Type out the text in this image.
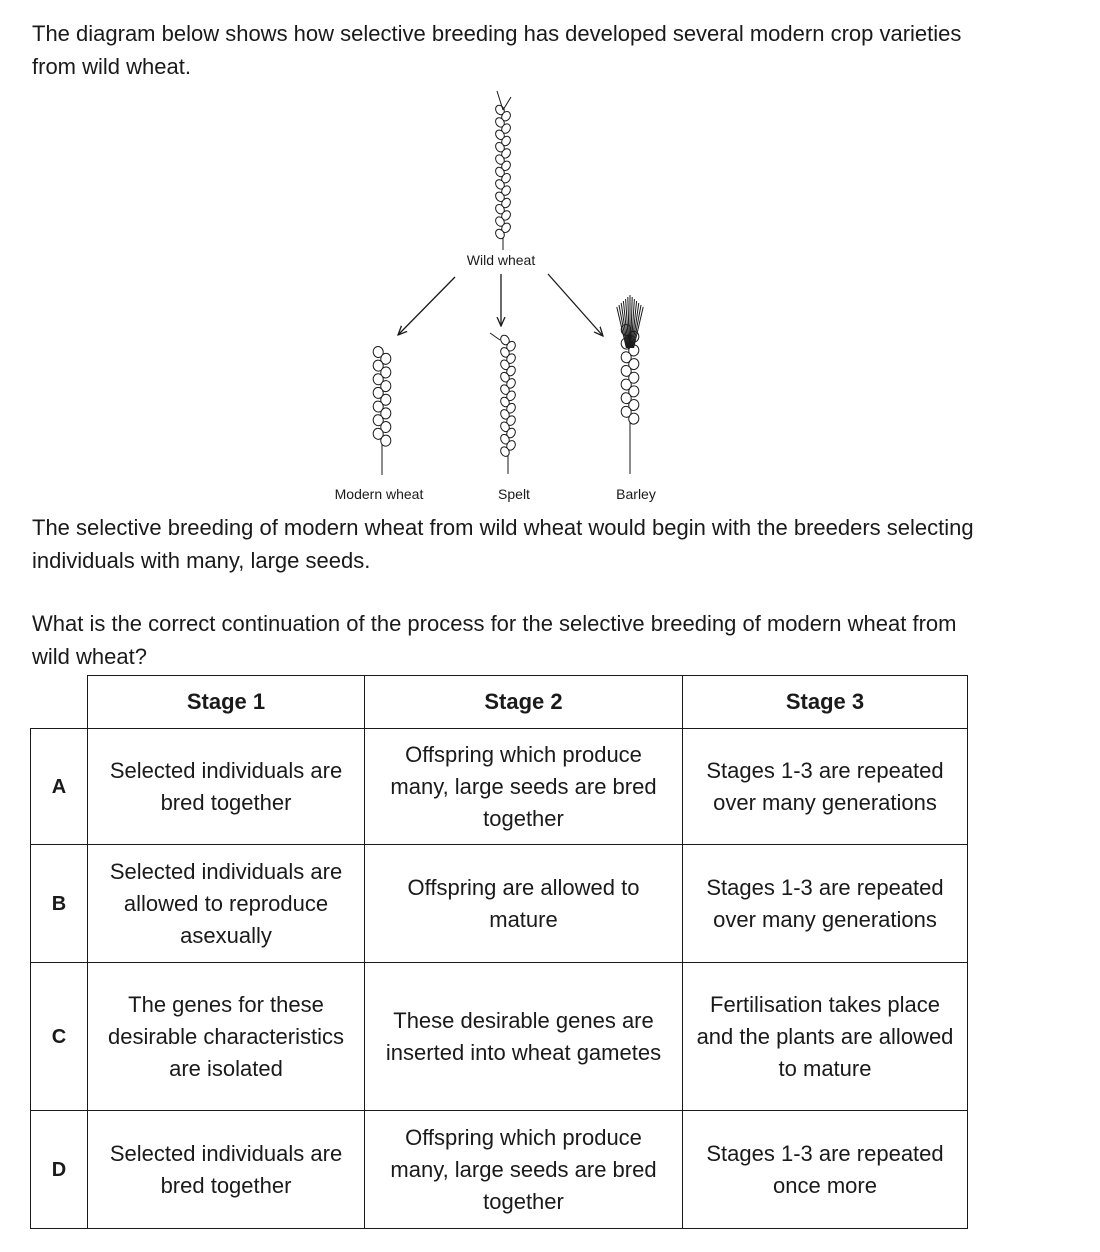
The diagram below shows how selective breeding has developed several modern crop varieties from wild wheat.

Wild wheat
Modern wheat	Spelt	Barley

The selective breeding of modern wheat from wild wheat would begin with the breeders selecting individuals with many, large seeds.

What is the correct continuation of the process for the selective breeding of modern wheat from wild wheat?

	Stage 1	Stage 2	Stage 3
A	Selected individuals are bred together	Offspring which produce many, large seeds are bred together	Stages 1-3 are repeated over many generations
B	Selected individuals are allowed to reproduce asexually	Offspring are allowed to mature	Stages 1-3 are repeated over many generations
C	The genes for these desirable characteristics are isolated	These desirable genes are inserted into wheat gametes	Fertilisation takes place and the plants are allowed to mature
D	Selected individuals are bred together	Offspring which produce many, large seeds are bred together	Stages 1-3 are repeated once more
